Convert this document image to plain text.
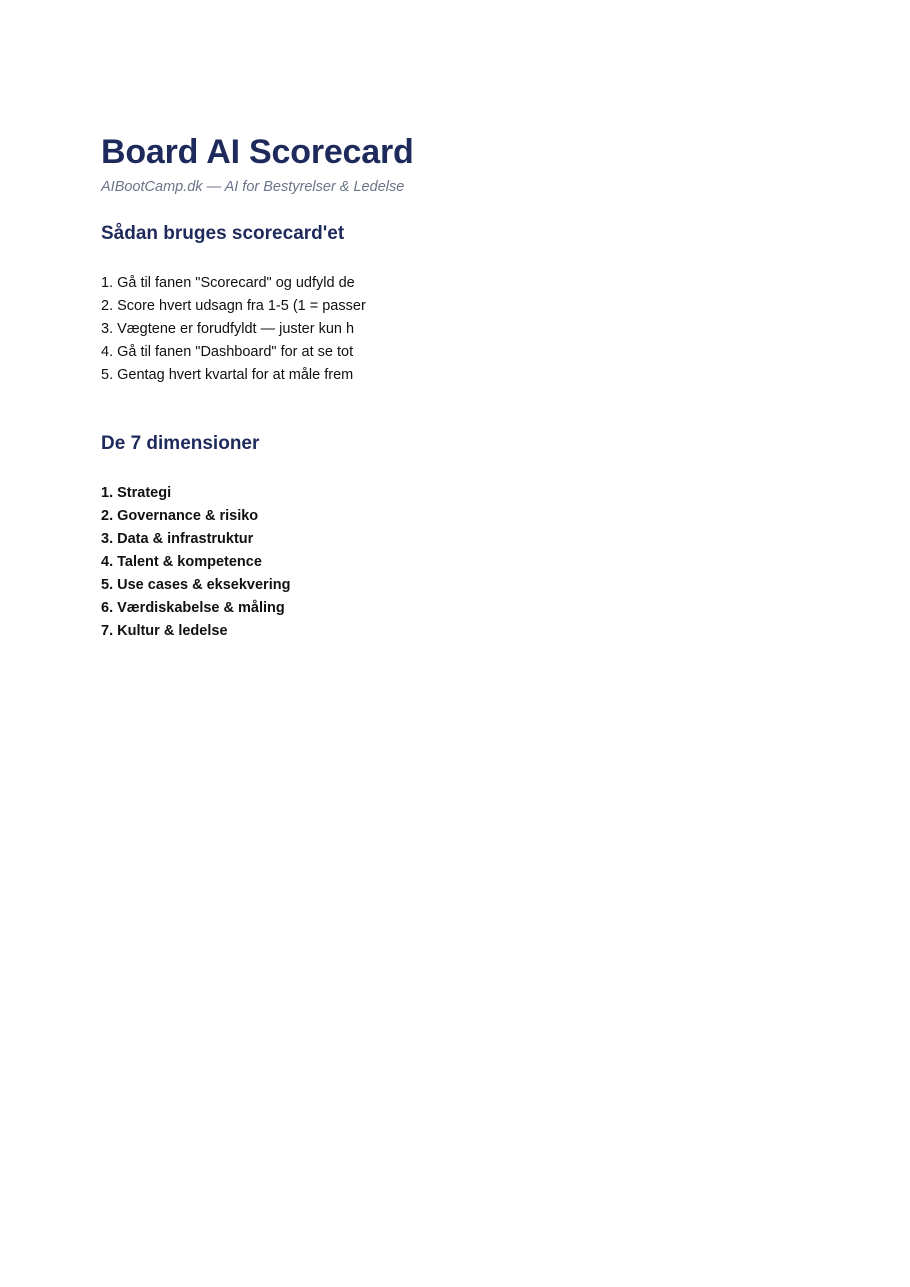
Board AI Scorecard

AIBootCamp.dk — AI for Bestyrelser & Ledelse

Sådan bruges scorecard'et
1. Gå til fanen "Scorecard" og udfyld de
2. Score hvert udsagn fra 1-5 (1 = passer
3. Vægtene er forudfyldt — juster kun h
4. Gå til fanen "Dashboard" for at se tot
5. Gentag hvert kvartal for at måle frem
De 7 dimensioner
1. Strategi
2. Governance & risiko
3. Data & infrastruktur
4. Talent & kompetence
5. Use cases & eksekvering
6. Værdiskabelse & måling
7. Kultur & ledelse
